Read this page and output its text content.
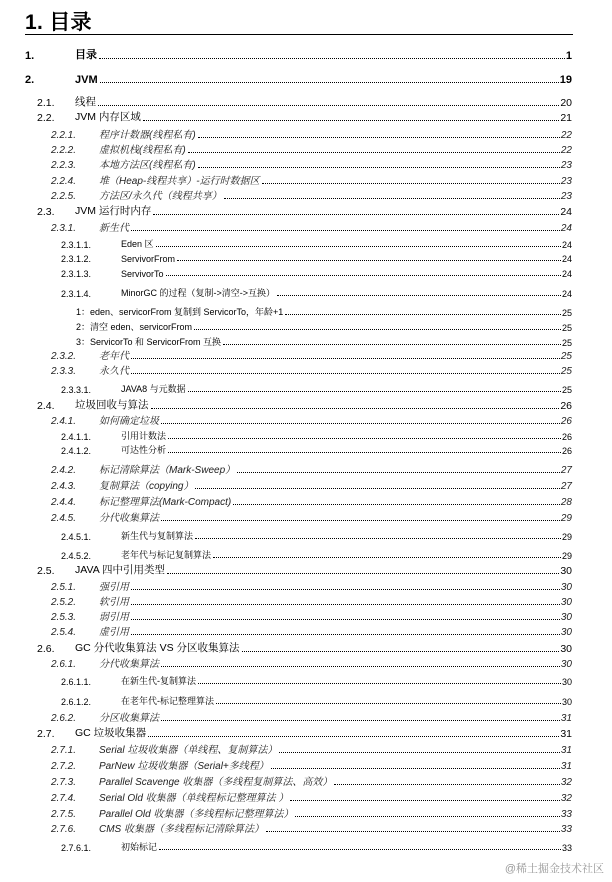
1. 目录
1.	目录	1
2.	JVM	19
2.1.	线程	20
2.2.	JVM 内存区域	21
2.2.1.	程序计数器(线程私有)	22
2.2.2.	虚拟机栈(线程私有)	22
2.2.3.	本地方法区(线程私有)	23
2.2.4.	堆（Heap-线程共享）-运行时数据区	23
2.2.5.	方法区/永久代（线程共享）	23
2.3.	JVM 运行时内存	24
2.3.1.	新生代	24
2.3.1.1.	Eden 区	24
2.3.1.2.	ServivorFrom	24
2.3.1.3.	ServivorTo	24
2.3.1.4.	MinorGC 的过程（复制->清空->互换）	24
1：eden、servicorFrom 复制到 ServicorTo，年龄+1	25
2：清空 eden、servicorFrom	25
3：ServicorTo 和 ServicorFrom 互换	25
2.3.2.	老年代	25
2.3.3.	永久代	25
2.3.3.1.	JAVA8 与元数据	25
2.4.	垃圾回收与算法	26
2.4.1.	如何确定垃圾	26
2.4.1.1.	引用计数法	26
2.4.1.2.	可达性分析	26
2.4.2.	标记清除算法（Mark-Sweep）	27
2.4.3.	复制算法（copying）	27
2.4.4.	标记整理算法(Mark-Compact)	28
2.4.5.	分代收集算法	29
2.4.5.1.	新生代与复制算法	29
2.4.5.2.	老年代与标记复制算法	29
2.5.	JAVA 四中引用类型	30
2.5.1.	强引用	30
2.5.2.	软引用	30
2.5.3.	弱引用	30
2.5.4.	虚引用	30
2.6.	GC 分代收集算法 VS 分区收集算法	30
2.6.1.	分代收集算法	30
2.6.1.1.	在新生代-复制算法	30
2.6.1.2.	在老年代-标记整理算法	30
2.6.2.	分区收集算法	31
2.7.	GC 垃圾收集器	31
2.7.1.	Serial 垃圾收集器（单线程、复制算法）	31
2.7.2.	ParNew 垃圾收集器（Serial+多线程）	31
2.7.3.	Parallel Scavenge 收集器（多线程复制算法、高效）	32
2.7.4.	Serial Old 收集器（单线程标记整理算法 ）	32
2.7.5.	Parallel Old 收集器（多线程标记整理算法）	33
2.7.6.	CMS 收集器（多线程标记清除算法）	33
2.7.6.1.	初始标记	33
@稀土掘金技术社区
